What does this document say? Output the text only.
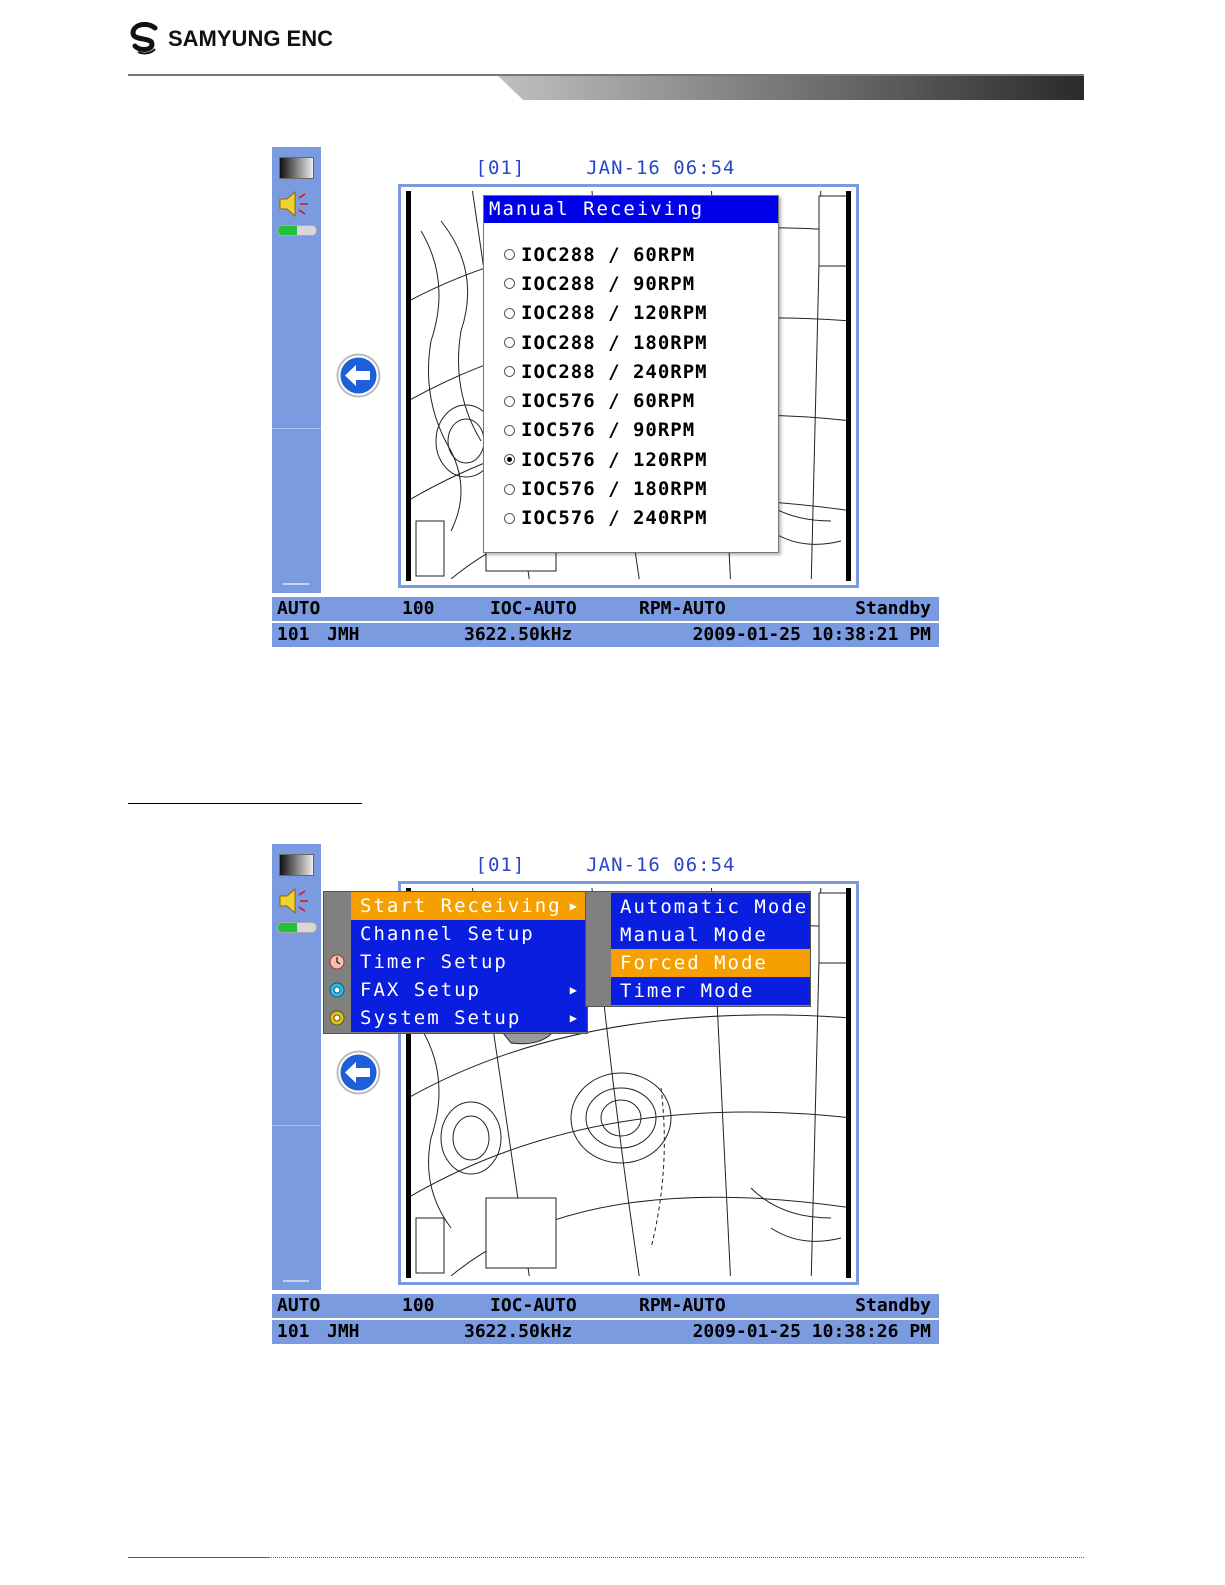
SAMYUNG ENC
[01]	JAN-16 06:54
Manual Receiving
IOC288 / 60RPM
IOC288 / 90RPM
IOC288 / 120RPM
IOC288 / 180RPM
IOC288 / 240RPM
IOC576 / 60RPM
IOC576 / 90RPM
IOC576 / 120RPM
IOC576 / 180RPM
IOC576 / 240RPM
AUTO	100	IOC-AUTO	RPM-AUTO	Standby
101 JMH	3622.50kHz	2009-01-25 10:38:21 PM
[01]	JAN-16 06:54
Start Receiving ▶
Channel Setup
Timer Setup
FAX Setup	▶
System Setup	▶
Automatic Mode
Manual Mode
Forced Mode
Timer Mode
AUTO	100	IOC-AUTO	RPM-AUTO	Standby
101 JMH	3622.50kHz	2009-01-25 10:38:26 PM
